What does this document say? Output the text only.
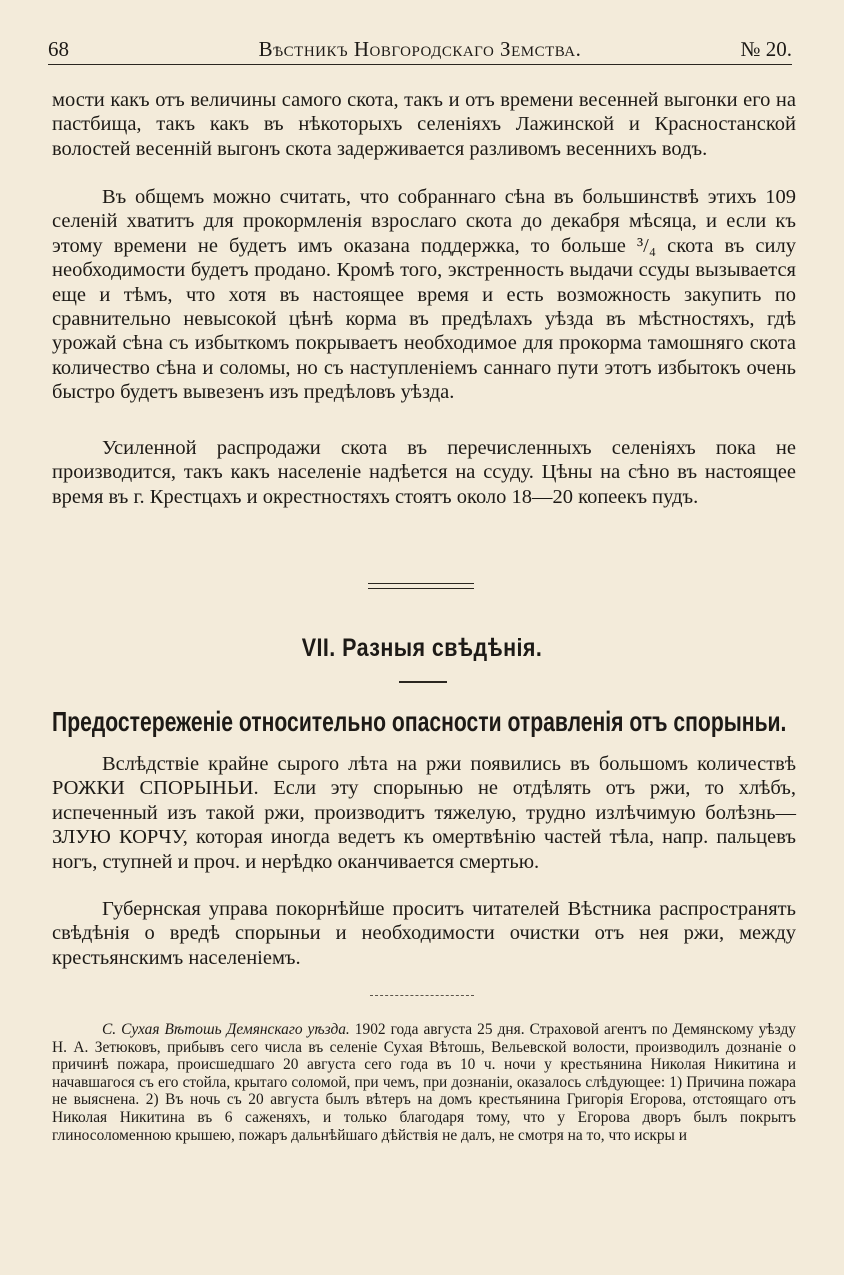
68	Вѣстникъ Новгородскаго Земства.	№ 20.

мости какъ отъ величины самого скота, такъ и отъ времени весенней выгонки его на пастбища, такъ какъ въ нѣкоторыхъ селеніяхъ Лажинской и Красностанской волостей весенній выгонъ скота задерживается разливомъ весеннихъ водъ.

Въ общемъ можно считать, что собраннаго сѣна въ большинствѣ этихъ 109 селеній хватитъ для прокормленія взрослаго скота до декабря мѣсяца, и если къ этому времени не будетъ имъ оказана поддержка, то больше ³/₄ скота въ силу необходимости будетъ продано. Кромѣ того, экстренность выдачи ссуды вызывается еще и тѣмъ, что хотя въ настоящее время и есть возможность закупить по сравнительно невысокой цѣнѣ корма въ предѣлахъ уѣзда въ мѣстностяхъ, гдѣ урожай сѣна съ избыткомъ покрываетъ необходимое для прокорма тамошняго скота количество сѣна и соломы, но съ наступленіемъ саннаго пути этотъ избытокъ очень быстро будетъ вывезенъ изъ предѣловъ уѣзда.

Усиленной распродажи скота въ перечисленныхъ селеніяхъ пока не производится, такъ какъ населеніе надѣется на ссуду. Цѣны на сѣно въ настоящее время въ г. Крестцахъ и окрестностяхъ стоятъ около 18—20 копеекъ пудъ.

VII. Разныя свѣдѣнія.
Предостереженіе относительно опасности отравленія отъ спорыньи.

Вслѣдствіе крайне сырого лѣта на ржи появились въ большомъ количествѣ РОЖКИ СПОРЫНЬИ. Если эту спорынью не отдѣлять отъ ржи, то хлѣбъ, испеченный изъ такой ржи, производитъ тяжелую, трудно излѣчимую болѣзнь—ЗЛУЮ КОРЧУ, которая иногда ведетъ къ омертвѣнію частей тѣла, напр. пальцевъ ногъ, ступней и проч. и нерѣдко оканчивается смертью.

Губернская управа покорнѣйше проситъ читателей Вѣстника распространять свѣдѣнія о вредѣ спорыньи и необходимости очистки отъ нея ржи, между крестьянскимъ населеніемъ.

С. Сухая Вѣтошь Демянскаго уѣзда. 1902 года августа 25 дня. Страховой агентъ по Демянскому уѣзду Н. А. Зетюковъ, прибывъ сего числа въ селеніе Сухая Вѣтошь, Вельевской волости, производилъ дознаніе о причинѣ пожара, происшедшаго 20 августа сего года въ 10 ч. ночи у крестьянина Николая Никитина и начавшагося съ его стойла, крытаго соломой, при чемъ, при дознаніи, оказалось слѣдующее: 1) Причина пожара не выяснена. 2) Въ ночь съ 20 августа былъ вѣтеръ на домъ крестьянина Григорія Егорова, отстоящаго отъ Николая Никитина въ 6 саженяхъ, и только благодаря тому, что у Егорова дворъ былъ покрытъ глиносоломенною крышею, пожаръ дальнѣйшаго дѣйствія не далъ, не смотря на то, что искры и
